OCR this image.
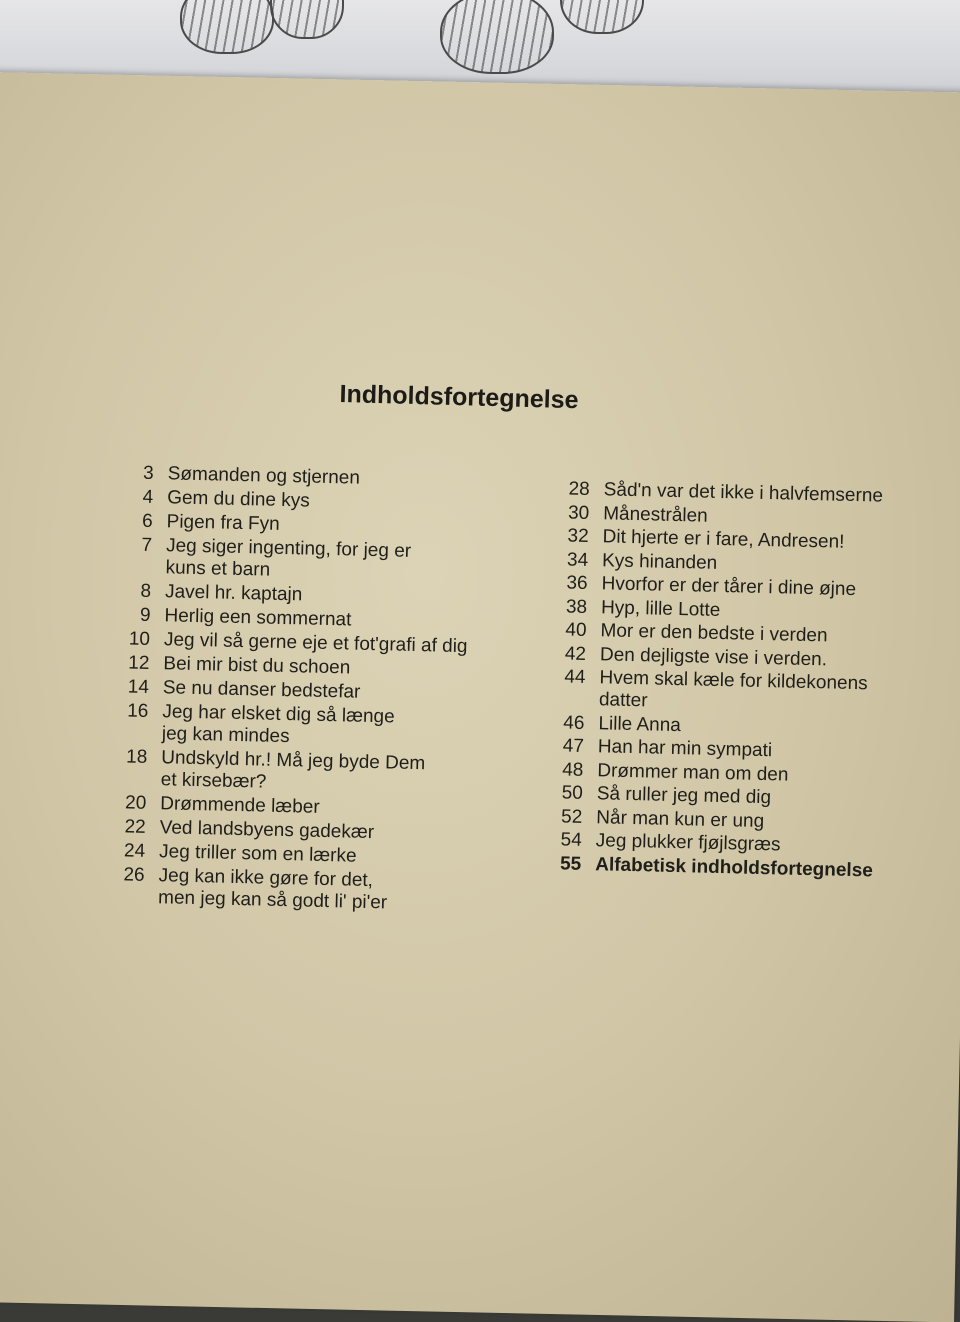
Indholdsfortegnelse
3 Sømanden og stjernen
4 Gem du dine kys
6 Pigen fra Fyn
7 Jeg siger ingenting, for jeg er
kuns et barn
8 Javel hr. kaptajn
9 Herlig een sommernat
10 Jeg vil så gerne eje et fot'grafi af dig
12 Bei mir bist du schoen
14 Se nu danser bedstefar
16 Jeg har elsket dig så længe
jeg kan mindes
18 Undskyld hr.! Må jeg byde Dem
et kirsebær?
20 Drømmende læber
22 Ved landsbyens gadekær
24 Jeg triller som en lærke
26 Jeg kan ikke gøre for det,
men jeg kan så godt li' pi'er
28 Såd'n var det ikke i halvfemserne
30 Månestrålen
32 Dit hjerte er i fare, Andresen!
34 Kys hinanden
36 Hvorfor er der tårer i dine øjne
38 Hyp, lille Lotte
40 Mor er den bedste i verden
42 Den dejligste vise i verden.
44 Hvem skal kæle for kildekonens
datter
46 Lille Anna
47 Han har min sympati
48 Drømmer man om den
50 Så ruller jeg med dig
52 Når man kun er ung
54 Jeg plukker fjøjlsgræs
55 Alfabetisk indholdsfortegnelse
